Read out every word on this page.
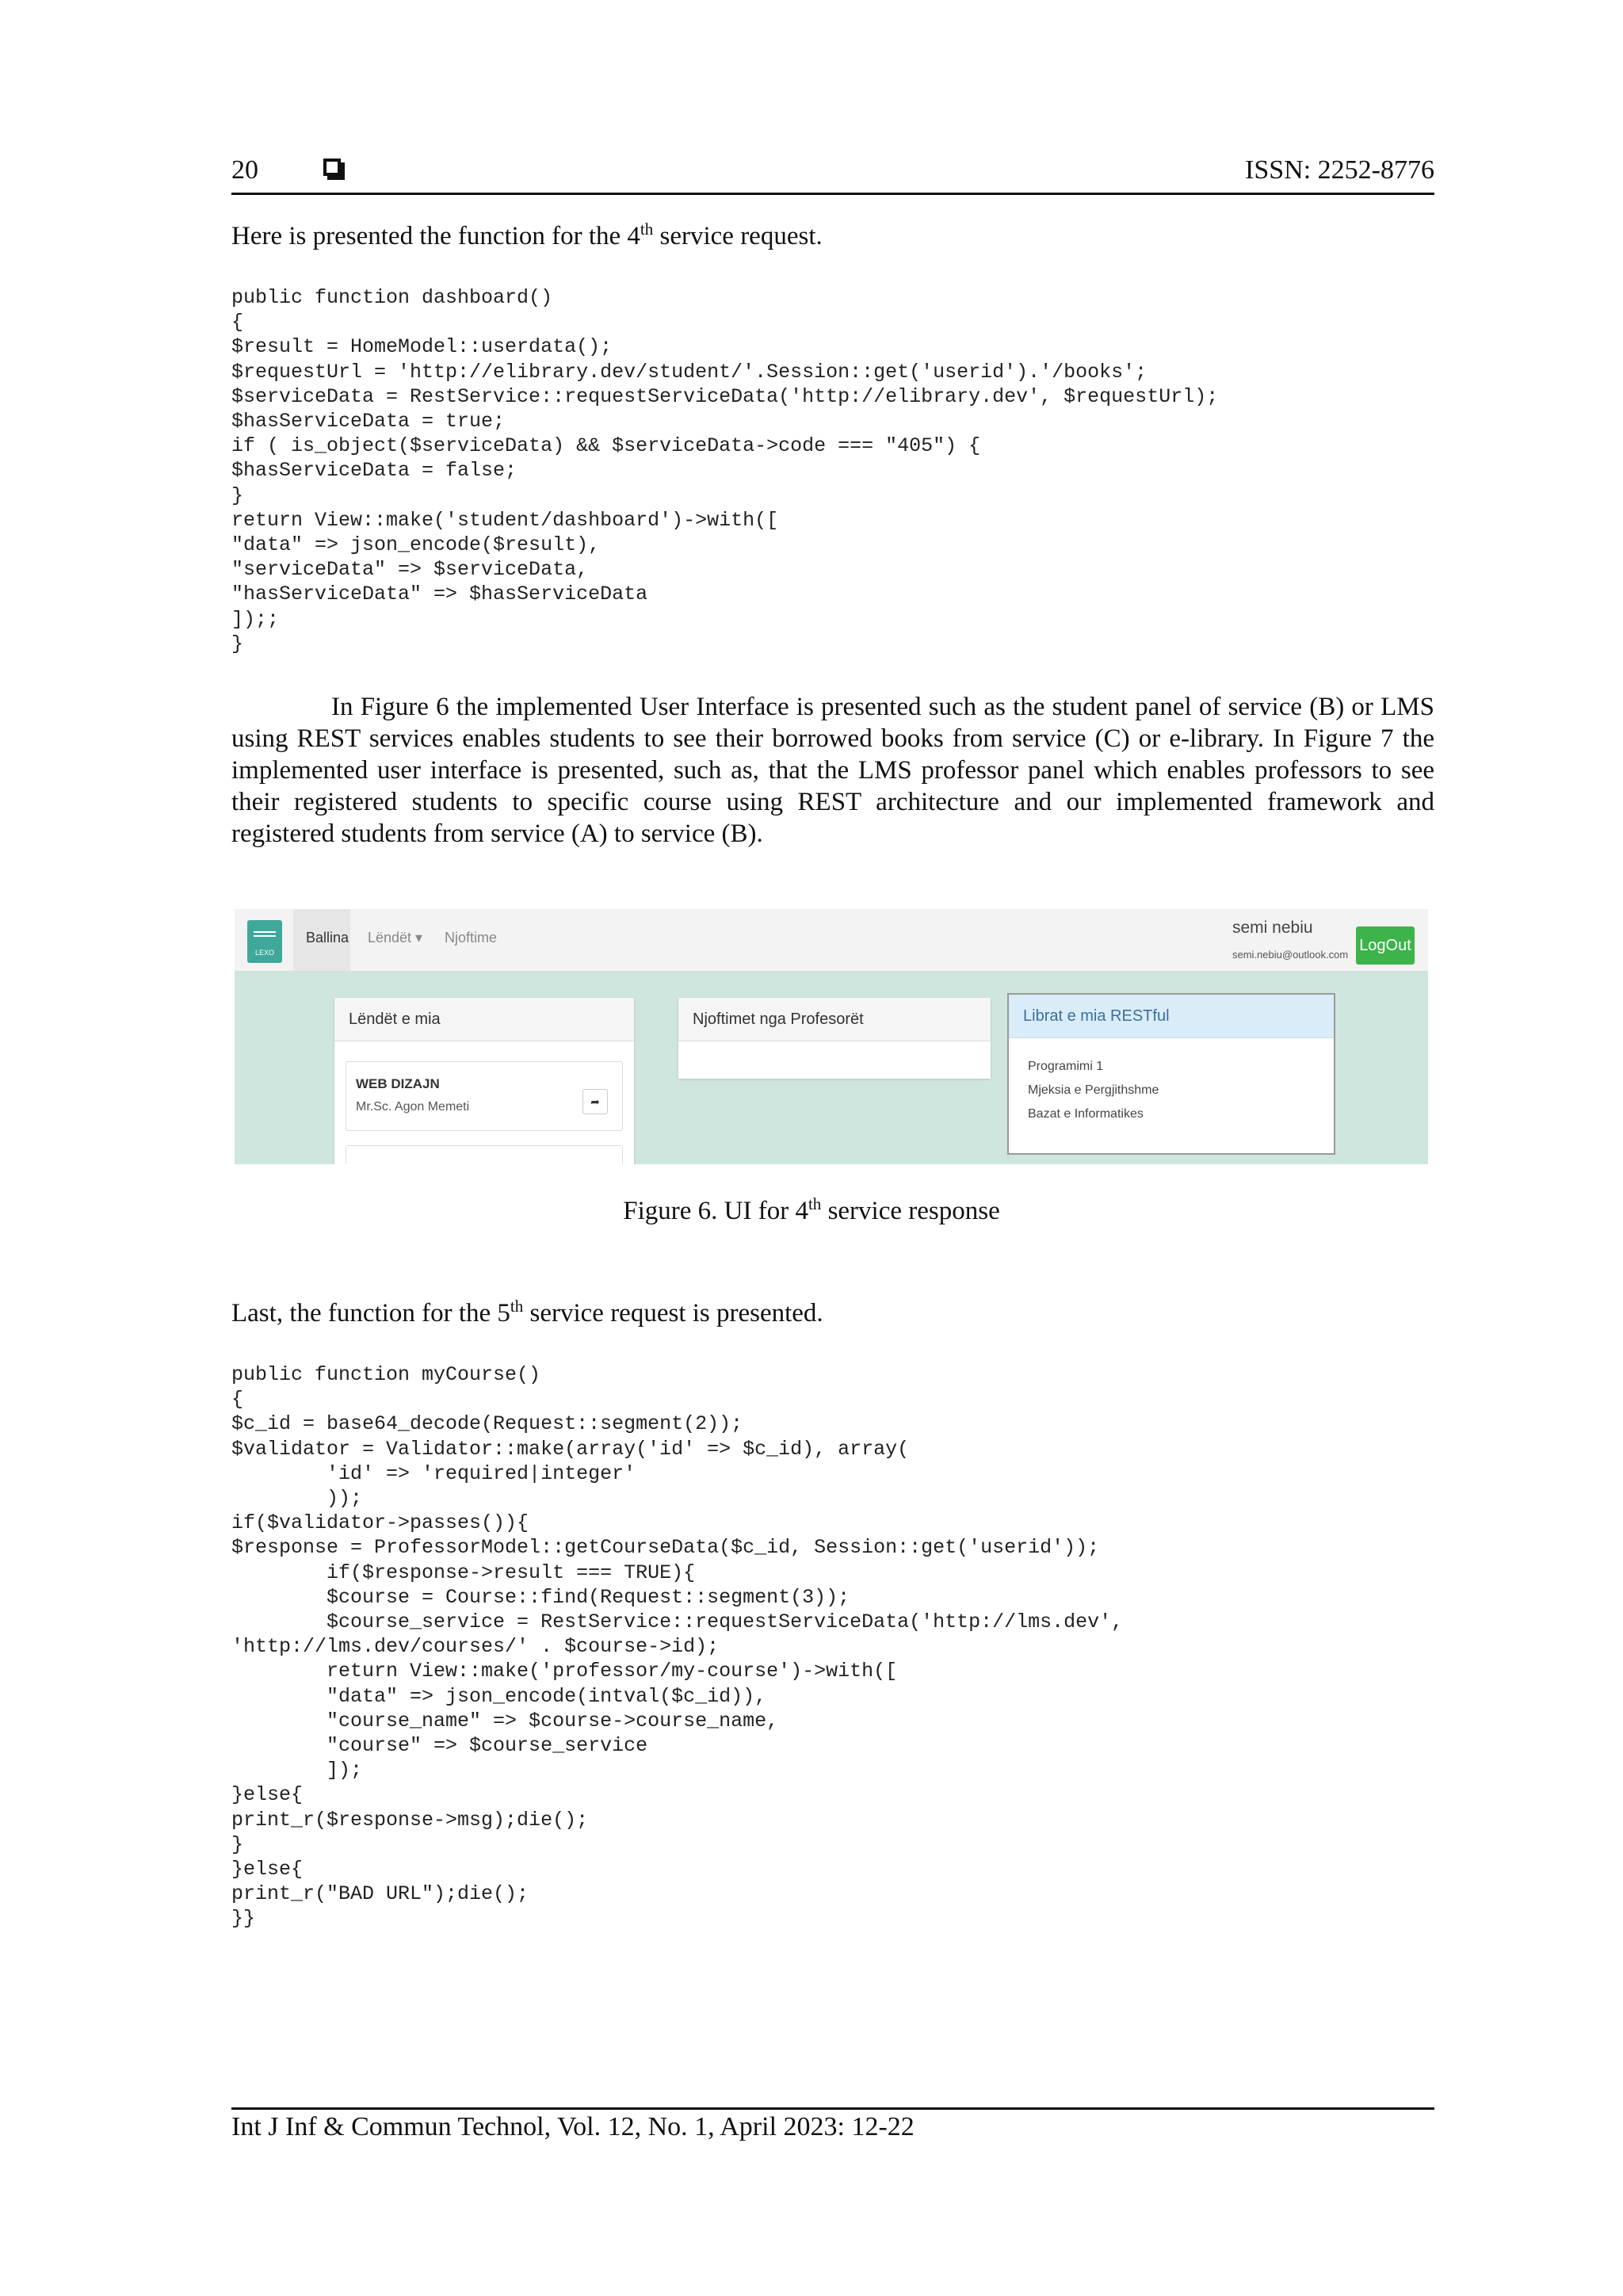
20	ISSN: 2252-8776
Here is presented the function for the 4th service request.
public function dashboard()
{
$result = HomeModel::userdata();
$requestUrl = 'http://elibrary.dev/student/'.Session::get('userid').'/books';
$serviceData = RestService::requestServiceData('http://elibrary.dev', $requestUrl);
$hasServiceData = true;
if ( is_object($serviceData) && $serviceData->code === "405") {
$hasServiceData = false;
}
return View::make('student/dashboard')->with([
"data" => json_encode($result),
"serviceData" => $serviceData,
"hasServiceData" => $hasServiceData
]);;
}
In Figure 6 the implemented User Interface is presented such as the student panel of service (B) or LMS using REST services enables students to see their borrowed books from service (C) or e-library. In Figure 7 the implemented user interface is presented, such as, that the LMS professor panel which enables professors to see their registered students to specific course using REST architecture and our implemented framework and registered students from service (A) to service (B).
LEXO
Ballina Lëndët ▾ Njoftime
semi nebiu
semi.nebiu@outlook.com
LogOut
Lëndët e mia
WEB DIZAJN
Mr.Sc. Agon Memeti	➦
Njoftimet nga Profesorët	Librat e mia RESTful
Programimi 1
Mjeksia e Pergjithshme
Bazat e Informatikes
Figure 6. UI for 4th service response
Last, the function for the 5th service request is presented.
public function myCourse()
{
$c_id = base64_decode(Request::segment(2));
$validator = Validator::make(array('id' => $c_id), array(
'id' => 'required|integer'
));
if($validator->passes()){
$response = ProfessorModel::getCourseData($c_id, Session::get('userid'));
if($response->result === TRUE){
$course = Course::find(Request::segment(3));
$course_service = RestService::requestServiceData('http://lms.dev',
'http://lms.dev/courses/' . $course->id);
return View::make('professor/my-course')->with([
"data" => json_encode(intval($c_id)),
"course_name" => $course->course_name,
"course" => $course_service
]);
}else{
print_r($response->msg);die();
}
}else{
print_r("BAD URL");die();
}}
Int J Inf & Commun Technol, Vol. 12, No. 1, April 2023: 12-22
